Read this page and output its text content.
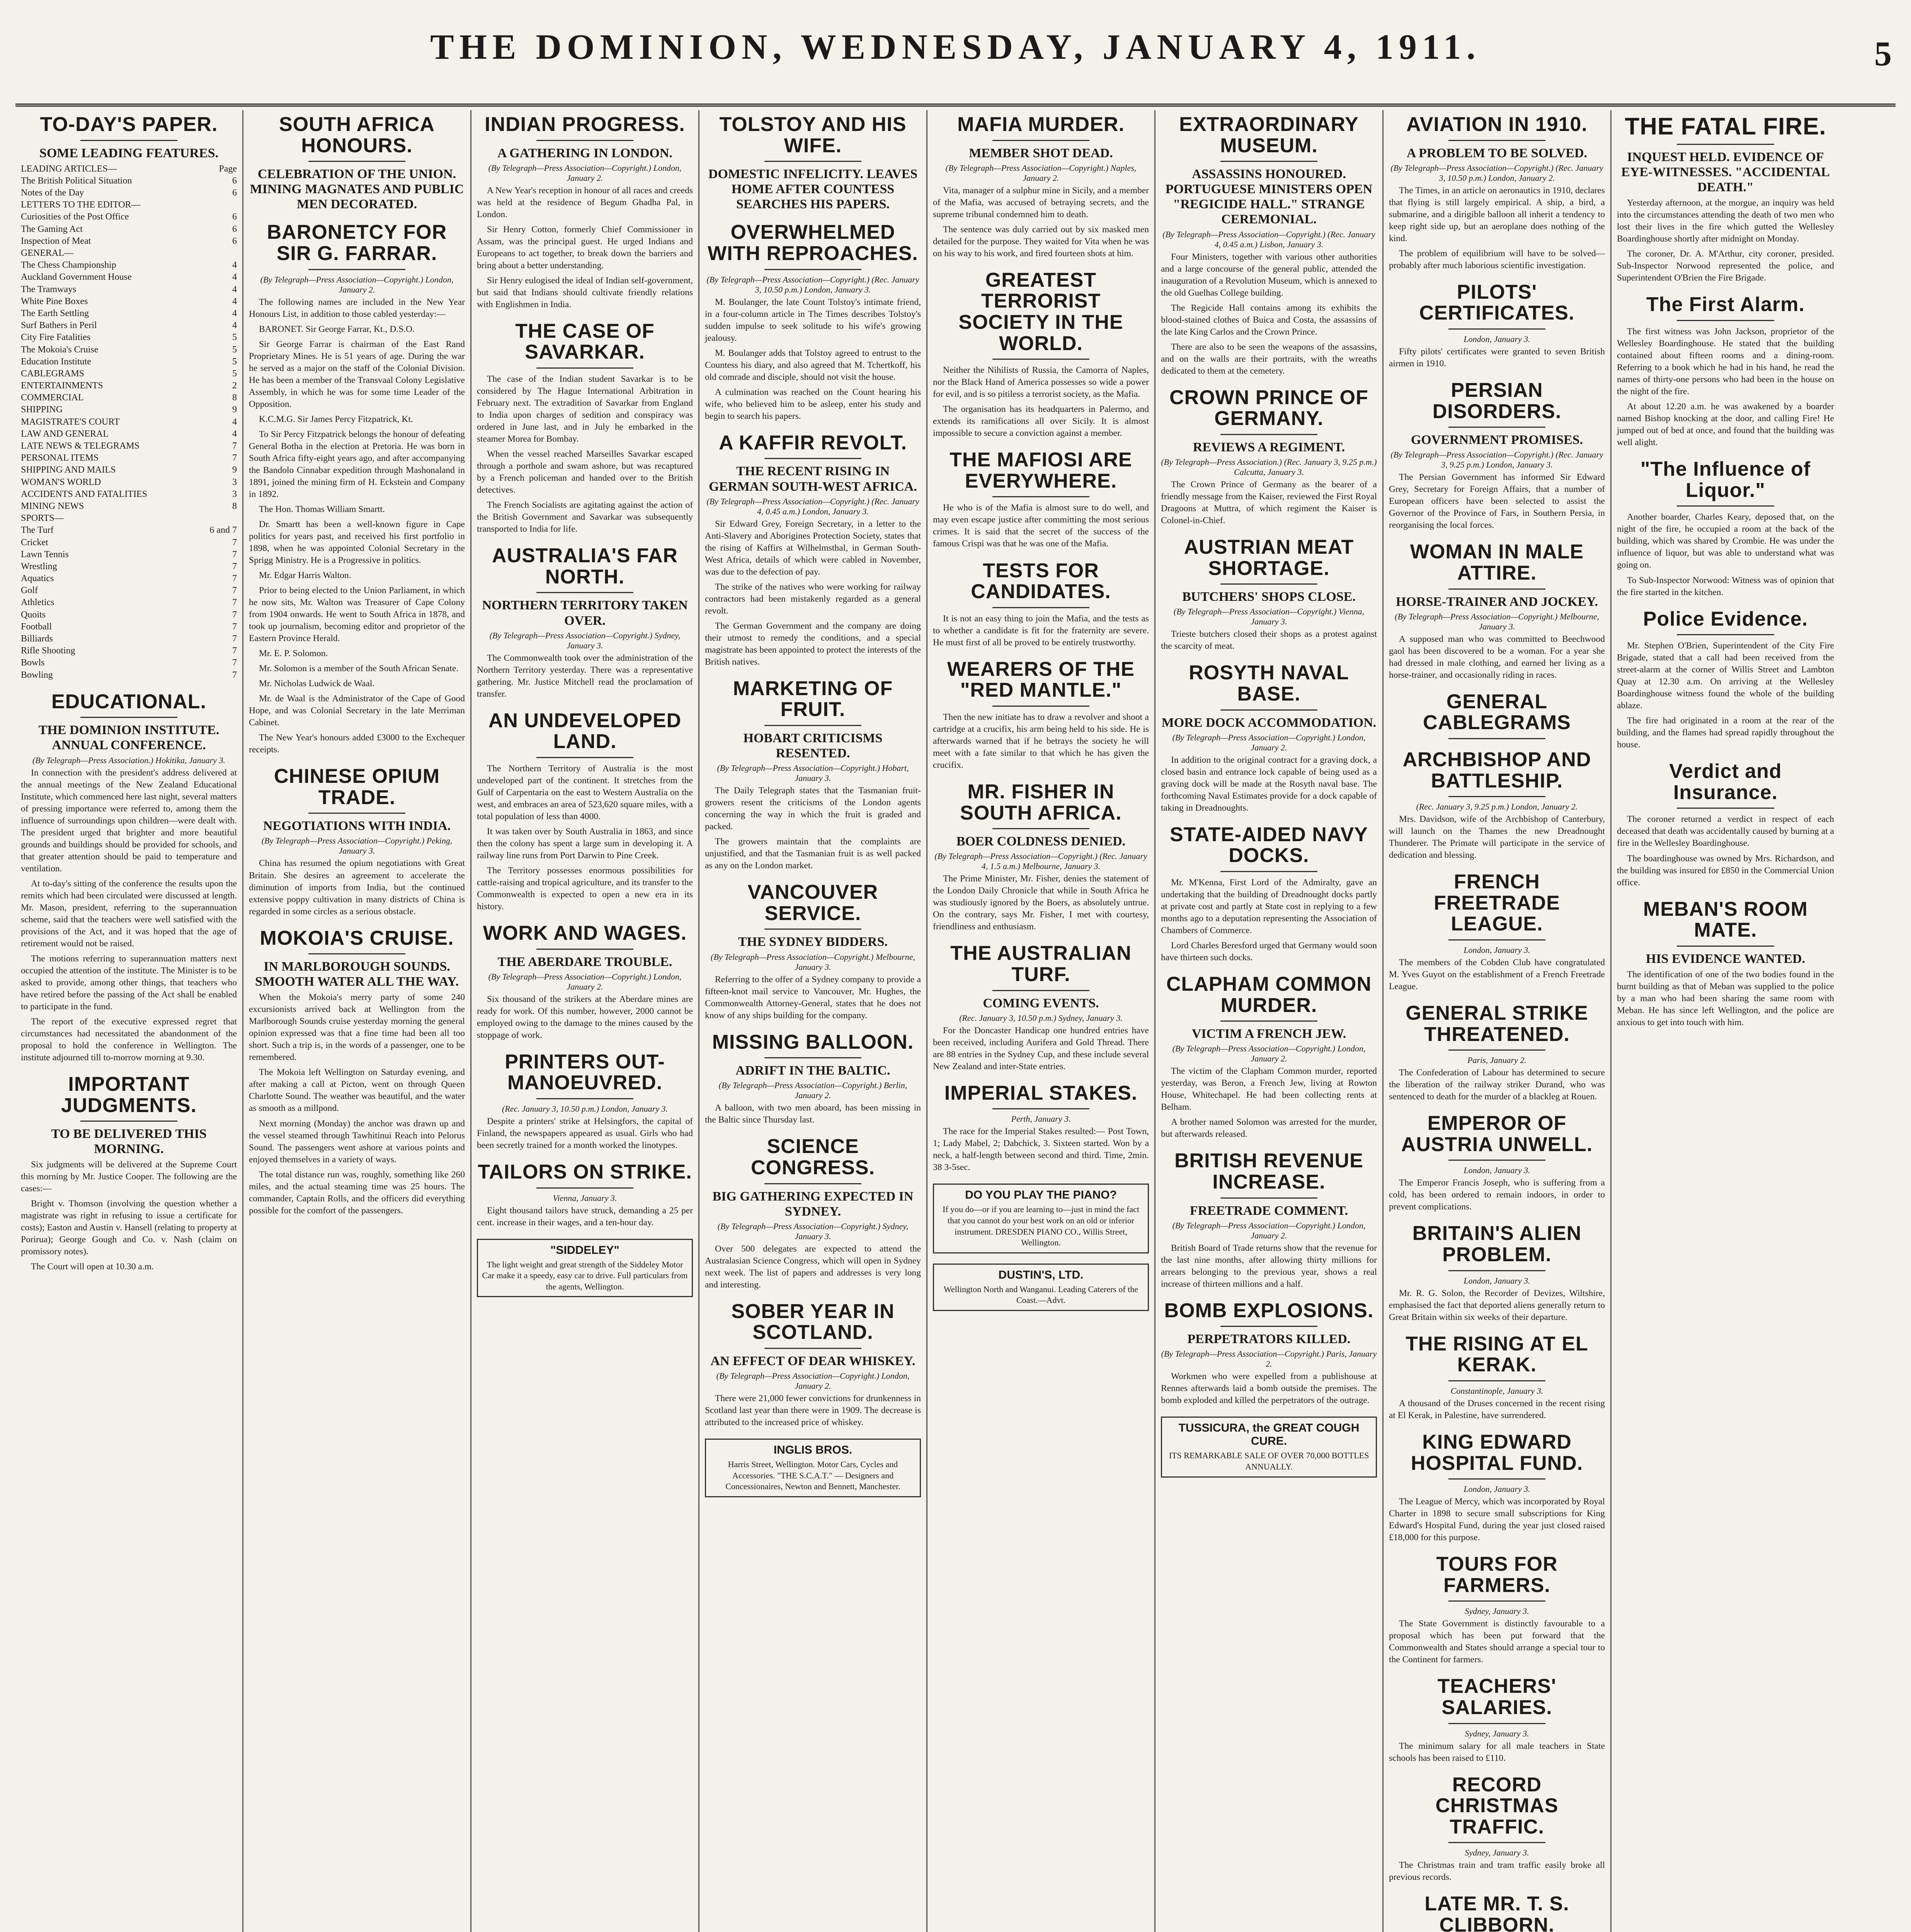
THE DOMINION, WEDNESDAY, JANUARY 4, 1911.	5
TO-DAY'S PAPER.
SOME LEADING FEATURES.
LEADING ARTICLES—	Page
The British Political Situation	6
Notes of the Day	6
LETTERS TO THE EDITOR—
Curiosities of the Post Office	6
The Gaming Act	6
Inspection of Meat	6
GENERAL—
The Chess Championship	4
Auckland Government House	4
The Tramways	4
White Pine Boxes	4
The Earth Settling	4
Surf Bathers in Peril	4
City Fire Fatalities	5
The Mokoia's Cruise	5
Education Institute	5
CABLEGRAMS	5
ENTERTAINMENTS	2
COMMERCIAL	8
SHIPPING	9
MAGISTRATE'S COURT	4
LAW AND GENERAL	4
LATE NEWS & TELEGRAMS	7
PERSONAL ITEMS	7
SHIPPING AND MAILS	9
WOMAN'S WORLD	3
ACCIDENTS AND FATALITIES	3
MINING NEWS	8
SPORTS—
The Turf	6 and 7
Cricket	7
Lawn Tennis	7
Wrestling	7
Aquatics	7
Golf	7
Athletics	7
Quoits	7
Football	7
Billiards	7
Rifle Shooting	7
Bowls	7
Bowling	7
EDUCATIONAL.
THE DOMINION INSTITUTE. ANNUAL CONFERENCE.
(By Telegraph—Press Association.) Hokitika, January 3.

In connection with the president's address delivered at the annual meetings of the New Zealand Educational Institute, which commenced here last night, several matters of pressing importance were referred to, among them the influence of surroundings upon children—were dealt with. The president urged that brighter and more beautiful grounds and buildings should be provided for schools, and that greater attention should be paid to temperature and ventilation.

At to-day's sitting of the conference the results upon the remits which had been circulated were discussed at length. Mr. Mason, president, referring to the superannuation scheme, said that the teachers were well satisfied with the provisions of the Act, and it was hoped that the age of retirement would not be raised.

The motions referring to superannuation matters next occupied the attention of the institute. The Minister is to be asked to provide, among other things, that teachers who have retired before the passing of the Act shall be enabled to participate in the fund.

The report of the executive expressed regret that circumstances had necessitated the abandonment of the proposal to hold the conference in Wellington. The institute adjourned till to-morrow morning at 9.30.

IMPORTANT JUDGMENTS.
TO BE DELIVERED THIS MORNING.

Six judgments will be delivered at the Supreme Court this morning by Mr. Justice Cooper. The following are the cases:—

Bright v. Thomson (involving the question whether a magistrate was right in refusing to issue a certificate for costs); Easton and Austin v. Hansell (relating to property at Porirua); George Gough and Co. v. Nash (claim on promissory notes).

The Court will open at 10.30 a.m.

SOUTH AFRICA HONOURS.
CELEBRATION OF THE UNION. MINING MAGNATES AND PUBLIC MEN DECORATED.
BARONETCY FOR SIR G. FARRAR.
(By Telegraph—Press Association—Copyright.) London, January 2.

The following names are included in the New Year Honours List, in addition to those cabled yesterday:—

BARONET. Sir George Farrar, Kt., D.S.O.

Sir George Farrar is chairman of the East Rand Proprietary Mines. He is 51 years of age. During the war he served as a major on the staff of the Colonial Division. He has been a member of the Transvaal Colony Legislative Assembly, in which he was for some time Leader of the Opposition.

K.C.M.G. Sir James Percy Fitzpatrick, Kt.

To Sir Percy Fitzpatrick belongs the honour of defeating General Botha in the election at Pretoria. He was born in South Africa fifty-eight years ago, and after accompanying the Bandolo Cinnabar expedition through Mashonaland in 1891, joined the mining firm of H. Eckstein and Company in 1892.

The Hon. Thomas William Smartt.

Dr. Smartt has been a well-known figure in Cape politics for years past, and received his first portfolio in 1898, when he was appointed Colonial Secretary in the Sprigg Ministry. He is a Progressive in politics.

Mr. Edgar Harris Walton.

Prior to being elected to the Union Parliament, in which he now sits, Mr. Walton was Treasurer of Cape Colony from 1904 onwards. He went to South Africa in 1878, and took up journalism, becoming editor and proprietor of the Eastern Province Herald.

Mr. E. P. Solomon.

Mr. Solomon is a member of the South African Senate.

Mr. Nicholas Ludwick de Waal.

Mr. de Waal is the Administrator of the Cape of Good Hope, and was Colonial Secretary in the late Merriman Cabinet.

The New Year's honours added £3000 to the Exchequer receipts.

CHINESE OPIUM TRADE.
NEGOTIATIONS WITH INDIA.
(By Telegraph—Press Association—Copyright.) Peking, January 3.

China has resumed the opium negotiations with Great Britain. She desires an agreement to accelerate the diminution of imports from India, but the continued extensive poppy cultivation in many districts of China is regarded in some circles as a serious obstacle.

MOKOIA'S CRUISE.
IN MARLBOROUGH SOUNDS. SMOOTH WATER ALL THE WAY.

When the Mokoia's merry party of some 240 excursionists arrived back at Wellington from the Marlborough Sounds cruise yesterday morning the general opinion expressed was that a fine time had been all too short. Such a trip is, in the words of a passenger, one to be remembered.

The Mokoia left Wellington on Saturday evening, and after making a call at Picton, went on through Queen Charlotte Sound. The weather was beautiful, and the water as smooth as a millpond.

Next morning (Monday) the anchor was drawn up and the vessel steamed through Tawhitinui Reach into Pelorus Sound. The passengers went ashore at various points and enjoyed themselves in a variety of ways.

The total distance run was, roughly, something like 260 miles, and the actual steaming time was 25 hours. The commander, Captain Rolls, and the officers did everything possible for the comfort of the passengers.

INDIAN PROGRESS.
A GATHERING IN LONDON.
(By Telegraph—Press Association—Copyright.) London, January 2.

A New Year's reception in honour of all races and creeds was held at the residence of Begum Ghadha Pal, in London.

Sir Henry Cotton, formerly Chief Commissioner in Assam, was the principal guest. He urged Indians and Europeans to act together, to break down the barriers and bring about a better understanding.

Sir Henry eulogised the ideal of Indian self-government, but said that Indians should cultivate friendly relations with Englishmen in India.

THE CASE OF SAVARKAR.

The case of the Indian student Savarkar is to be considered by The Hague International Arbitration in February next. The extradition of Savarkar from England to India upon charges of sedition and conspiracy was ordered in June last, and in July he embarked in the steamer Morea for Bombay.

When the vessel reached Marseilles Savarkar escaped through a porthole and swam ashore, but was recaptured by a French policeman and handed over to the British detectives.

The French Socialists are agitating against the action of the British Government and Savarkar was subsequently transported to India for life.

AUSTRALIA'S FAR NORTH.
NORTHERN TERRITORY TAKEN OVER.
(By Telegraph—Press Association—Copyright.) Sydney, January 3.

The Commonwealth took over the administration of the Northern Territory yesterday. There was a representative gathering. Mr. Justice Mitchell read the proclamation of transfer.

AN UNDEVELOPED LAND.

The Northern Territory of Australia is the most undeveloped part of the continent. It stretches from the Gulf of Carpentaria on the east to Western Australia on the west, and embraces an area of 523,620 square miles, with a total population of less than 4000.

It was taken over by South Australia in 1863, and since then the colony has spent a large sum in developing it. A railway line runs from Port Darwin to Pine Creek.

The Territory possesses enormous possibilities for cattle-raising and tropical agriculture, and its transfer to the Commonwealth is expected to open a new era in its history.

WORK AND WAGES.
THE ABERDARE TROUBLE.
(By Telegraph—Press Association—Copyright.) London, January 2.

Six thousand of the strikers at the Aberdare mines are ready for work. Of this number, however, 2000 cannot be employed owing to the damage to the mines caused by the stoppage of work.

PRINTERS OUT-MANOEUVRED.
(Rec. January 3, 10.50 p.m.) London, January 3.

Despite a printers' strike at Helsingfors, the capital of Finland, the newspapers appeared as usual. Girls who had been secretly trained for a month worked the linotypes.

TAILORS ON STRIKE.
Vienna, January 3.

Eight thousand tailors have struck, demanding a 25 per cent. increase in their wages, and a ten-hour day.

"SIDDELEY"
The light weight and great strength of the Siddeley Motor Car make it a speedy, easy car to drive. Full particulars from the agents, Wellington.
TOLSTOY AND HIS WIFE.
DOMESTIC INFELICITY. LEAVES HOME AFTER COUNTESS SEARCHES HIS PAPERS.
OVERWHELMED WITH REPROACHES.
(By Telegraph—Press Association—Copyright.) (Rec. January 3, 10.50 p.m.) London, January 3.

M. Boulanger, the late Count Tolstoy's intimate friend, in a four-column article in The Times describes Tolstoy's sudden impulse to seek solitude to his wife's growing jealousy.

M. Boulanger adds that Tolstoy agreed to entrust to the Countess his diary, and also agreed that M. Tchertkoff, his old comrade and disciple, should not visit the house.

A culmination was reached on the Count hearing his wife, who believed him to be asleep, enter his study and begin to search his papers.

A KAFFIR REVOLT.
THE RECENT RISING IN GERMAN SOUTH-WEST AFRICA.
(By Telegraph—Press Association—Copyright.) (Rec. January 4, 0.45 a.m.) London, January 3.

Sir Edward Grey, Foreign Secretary, in a letter to the Anti-Slavery and Aborigines Protection Society, states that the rising of Kaffirs at Wilhelmsthal, in German South-West Africa, details of which were cabled in November, was due to the defection of pay.

The strike of the natives who were working for railway contractors had been mistakenly regarded as a general revolt.

The German Government and the company are doing their utmost to remedy the conditions, and a special magistrate has been appointed to protect the interests of the British natives.

MARKETING OF FRUIT.
HOBART CRITICISMS RESENTED.
(By Telegraph—Press Association—Copyright.) Hobart, January 3.

The Daily Telegraph states that the Tasmanian fruit-growers resent the criticisms of the London agents concerning the way in which the fruit is graded and packed.

The growers maintain that the complaints are unjustified, and that the Tasmanian fruit is as well packed as any on the London market.

VANCOUVER SERVICE.
THE SYDNEY BIDDERS.
(By Telegraph—Press Association—Copyright.) Melbourne, January 3.

Referring to the offer of a Sydney company to provide a fifteen-knot mail service to Vancouver, Mr. Hughes, the Commonwealth Attorney-General, states that he does not know of any ships building for the company.

MISSING BALLOON.
ADRIFT IN THE BALTIC.
(By Telegraph—Press Association—Copyright.) Berlin, January 2.

A balloon, with two men aboard, has been missing in the Baltic since Thursday last.

SCIENCE CONGRESS.
BIG GATHERING EXPECTED IN SYDNEY.
(By Telegraph—Press Association—Copyright.) Sydney, January 3.

Over 500 delegates are expected to attend the Australasian Science Congress, which will open in Sydney next week. The list of papers and addresses is very long and interesting.

SOBER YEAR IN SCOTLAND.
AN EFFECT OF DEAR WHISKEY.
(By Telegraph—Press Association—Copyright.) London, January 2.

There were 21,000 fewer convictions for drunkenness in Scotland last year than there were in 1909. The decrease is attributed to the increased price of whiskey.

INGLIS BROS.
Harris Street, Wellington. Motor Cars, Cycles and Accessories. "THE S.C.A.T." — Designers and Concessionaires, Newton and Bennett, Manchester.
MAFIA MURDER.
MEMBER SHOT DEAD.
(By Telegraph—Press Association—Copyright.) Naples, January 2.

Vita, manager of a sulphur mine in Sicily, and a member of the Mafia, was accused of betraying secrets, and the supreme tribunal condemned him to death.

The sentence was duly carried out by six masked men detailed for the purpose. They waited for Vita when he was on his way to his work, and fired fourteen shots at him.

GREATEST TERRORIST SOCIETY IN THE WORLD.

Neither the Nihilists of Russia, the Camorra of Naples, nor the Black Hand of America possesses so wide a power for evil, and is so pitiless a terrorist society, as the Mafia.

The organisation has its headquarters in Palermo, and extends its ramifications all over Sicily. It is almost impossible to secure a conviction against a member.

THE MAFIOSI ARE EVERYWHERE.

He who is of the Mafia is almost sure to do well, and may even escape justice after committing the most serious crimes. It is said that the secret of the success of the famous Crispi was that he was one of the Mafia.

TESTS FOR CANDIDATES.

It is not an easy thing to join the Mafia, and the tests as to whether a candidate is fit for the fraternity are severe. He must first of all be proved to be entirely trustworthy.

WEARERS OF THE "RED MANTLE."

Then the new initiate has to draw a revolver and shoot a cartridge at a crucifix, his arm being held to his side. He is afterwards warned that if he betrays the society he will meet with a fate similar to that which he has given the crucifix.

MR. FISHER IN SOUTH AFRICA.
BOER COLDNESS DENIED.
(By Telegraph—Press Association—Copyright.) (Rec. January 4, 1.5 a.m.) Melbourne, January 3.

The Prime Minister, Mr. Fisher, denies the statement of the London Daily Chronicle that while in South Africa he was studiously ignored by the Boers, as absolutely untrue. On the contrary, says Mr. Fisher, I met with courtesy, friendliness and enthusiasm.

THE AUSTRALIAN TURF.
COMING EVENTS.
(Rec. January 3, 10.50 p.m.) Sydney, January 3.

For the Doncaster Handicap one hundred entries have been received, including Aurifera and Gold Thread. There are 88 entries in the Sydney Cup, and these include several New Zealand and inter-State entries.

IMPERIAL STAKES.
Perth, January 3.

The race for the Imperial Stakes resulted:— Post Town, 1; Lady Mabel, 2; Dabchick, 3. Sixteen started. Won by a neck, a half-length between second and third. Time, 2min. 38 3-5sec.

DO YOU PLAY THE PIANO?
If you do—or if you are learning to—just in mind the fact that you cannot do your best work on an old or inferior instrument. DRESDEN PIANO CO., Willis Street, Wellington.
DUSTIN'S, LTD.
Wellington North and Wanganui. Leading Caterers of the Coast.—Advt.
EXTRAORDINARY MUSEUM.
ASSASSINS HONOURED. PORTUGUESE MINISTERS OPEN "REGICIDE HALL." STRANGE CEREMONIAL.
(By Telegraph—Press Association—Copyright.) (Rec. January 4, 0.45 a.m.) Lisbon, January 3.

Four Ministers, together with various other authorities and a large concourse of the general public, attended the inauguration of a Revolution Museum, which is annexed to the old Guelhas College building.

The Regicide Hall contains among its exhibits the blood-stained clothes of Buica and Costa, the assassins of the late King Carlos and the Crown Prince.

There are also to be seen the weapons of the assassins, and on the walls are their portraits, with the wreaths dedicated to them at the cemetery.

CROWN PRINCE OF GERMANY.
REVIEWS A REGIMENT.
(By Telegraph—Press Association.) (Rec. January 3, 9.25 p.m.) Calcutta, January 3.

The Crown Prince of Germany as the bearer of a friendly message from the Kaiser, reviewed the First Royal Dragoons at Muttra, of which regiment the Kaiser is Colonel-in-Chief.

AUSTRIAN MEAT SHORTAGE.
BUTCHERS' SHOPS CLOSE.
(By Telegraph—Press Association—Copyright.) Vienna, January 3.

Trieste butchers closed their shops as a protest against the scarcity of meat.

ROSYTH NAVAL BASE.
MORE DOCK ACCOMMODATION.
(By Telegraph—Press Association—Copyright.) London, January 2.

In addition to the original contract for a graving dock, a closed basin and entrance lock capable of being used as a graving dock will be made at the Rosyth naval base. The forthcoming Naval Estimates provide for a dock capable of taking in Dreadnoughts.

STATE-AIDED NAVY DOCKS.

Mr. M'Kenna, First Lord of the Admiralty, gave an undertaking that the building of Dreadnought docks partly at private cost and partly at State cost in replying to a few months ago to a deputation representing the Association of Chambers of Commerce.

Lord Charles Beresford urged that Germany would soon have thirteen such docks.

CLAPHAM COMMON MURDER.
VICTIM A FRENCH JEW.
(By Telegraph—Press Association—Copyright.) London, January 2.

The victim of the Clapham Common murder, reported yesterday, was Beron, a French Jew, living at Rowton House, Whitechapel. He had been collecting rents at Belham.

A brother named Solomon was arrested for the murder, but afterwards released.

BRITISH REVENUE INCREASE.
FREETRADE COMMENT.
(By Telegraph—Press Association—Copyright.) London, January 2.

British Board of Trade returns show that the revenue for the last nine months, after allowing thirty millions for arrears belonging to the previous year, shows a real increase of thirteen millions and a half.

BOMB EXPLOSIONS.
PERPETRATORS KILLED.
(By Telegraph—Press Association—Copyright.) Paris, January 2.

Workmen who were expelled from a publishouse at Rennes afterwards laid a bomb outside the premises. The bomb exploded and killed the perpetrators of the outrage.

TUSSICURA, the GREAT COUGH CURE.
ITS REMARKABLE SALE OF OVER 70,000 BOTTLES ANNUALLY.
AVIATION IN 1910.
A PROBLEM TO BE SOLVED.
(By Telegraph—Press Association—Copyright.) (Rec. January 3, 10.50 p.m.) London, January 2.

The Times, in an article on aeronautics in 1910, declares that flying is still largely empirical. A ship, a bird, a submarine, and a dirigible balloon all inherit a tendency to keep right side up, but an aeroplane does nothing of the kind.

The problem of equilibrium will have to be solved—probably after much laborious scientific investigation.

PILOTS' CERTIFICATES.
London, January 3.

Fifty pilots' certificates were granted to seven British airmen in 1910.

PERSIAN DISORDERS.
GOVERNMENT PROMISES.
(By Telegraph—Press Association—Copyright.) (Rec. January 3, 9.25 p.m.) London, January 3.

The Persian Government has informed Sir Edward Grey, Secretary for Foreign Affairs, that a number of European officers have been selected to assist the Governor of the Province of Fars, in Southern Persia, in reorganising the local forces.

WOMAN IN MALE ATTIRE.
HORSE-TRAINER AND JOCKEY.
(By Telegraph—Press Association—Copyright.) Melbourne, January 3.

A supposed man who was committed to Beechwood gaol has been discovered to be a woman. For a year she had dressed in male clothing, and earned her living as a horse-trainer, and occasionally riding in races.

GENERAL CABLEGRAMS
ARCHBISHOP AND BATTLESHIP.
(Rec. January 3, 9.25 p.m.) London, January 2.

Mrs. Davidson, wife of the Archbishop of Canterbury, will launch on the Thames the new Dreadnought Thunderer. The Primate will participate in the service of dedication and blessing.

FRENCH FREETRADE LEAGUE.
London, January 3.

The members of the Cobden Club have congratulated M. Yves Guyot on the establishment of a French Freetrade League.

GENERAL STRIKE THREATENED.
Paris, January 2.

The Confederation of Labour has determined to secure the liberation of the railway striker Durand, who was sentenced to death for the murder of a blackleg at Rouen.

EMPEROR OF AUSTRIA UNWELL.
London, January 3.

The Emperor Francis Joseph, who is suffering from a cold, has been ordered to remain indoors, in order to prevent complications.

BRITAIN'S ALIEN PROBLEM.
London, January 3.

Mr. R. G. Solon, the Recorder of Devizes, Wiltshire, emphasised the fact that deported aliens generally return to Great Britain within six weeks of their departure.

THE RISING AT EL KERAK.
Constantinople, January 3.

A thousand of the Druses concerned in the recent rising at El Kerak, in Palestine, have surrendered.

KING EDWARD HOSPITAL FUND.
London, January 3.

The League of Mercy, which was incorporated by Royal Charter in 1898 to secure small subscriptions for King Edward's Hospital Fund, during the year just closed raised £18,000 for this purpose.

TOURS FOR FARMERS.
Sydney, January 3.

The State Government is distinctly favourable to a proposal which has been put forward that the Commonwealth and States should arrange a special tour to the Continent for farmers.

TEACHERS' SALARIES.
Sydney, January 3.

The minimum salary for all male teachers in State schools has been raised to £110.

RECORD CHRISTMAS TRAFFIC.
Sydney, January 3.

The Christmas train and tram traffic easily broke all previous records.

LATE MR. T. S. CLIBBORN.

THE FATAL FIRE.
INQUEST HELD. EVIDENCE OF EYE-WITNESSES. "ACCIDENTAL DEATH."

Yesterday afternoon, at the morgue, an inquiry was held into the circumstances attending the death of two men who lost their lives in the fire which gutted the Wellesley Boardinghouse shortly after midnight on Monday.

The coroner, Dr. A. M'Arthur, city coroner, presided. Sub-Inspector Norwood represented the police, and Superintendent O'Brien the Fire Brigade.

The First Alarm.

The first witness was John Jackson, proprietor of the Wellesley Boardinghouse. He stated that the building contained about fifteen rooms and a dining-room. Referring to a book which he had in his hand, he read the names of thirty-one persons who had been in the house on the night of the fire.

At about 12.20 a.m. he was awakened by a boarder named Bishop knocking at the door, and calling Fire! He jumped out of bed at once, and found that the building was well alight.

"The Influence of Liquor."

Another boarder, Charles Keary, deposed that, on the night of the fire, he occupied a room at the back of the building, which was shared by Crombie. He was under the influence of liquor, but was able to understand what was going on.

To Sub-Inspector Norwood: Witness was of opinion that the fire started in the kitchen.

Police Evidence.

Mr. Stephen O'Brien, Superintendent of the City Fire Brigade, stated that a call had been received from the street-alarm at the corner of Willis Street and Lambton Quay at 12.30 a.m. On arriving at the Wellesley Boardinghouse witness found the whole of the building ablaze.

The fire had originated in a room at the rear of the building, and the flames had spread rapidly throughout the house.

Verdict and Insurance.

The coroner returned a verdict in respect of each deceased that death was accidentally caused by burning at a fire in the Wellesley Boardinghouse.

The boardinghouse was owned by Mrs. Richardson, and the building was insured for £850 in the Commercial Union office.

MEBAN'S ROOM MATE.
HIS EVIDENCE WANTED.

The identification of one of the two bodies found in the burnt building as that of Meban was supplied to the police by a man who had been sharing the same room with Meban. He has since left Wellington, and the police are anxious to get into touch with him.
